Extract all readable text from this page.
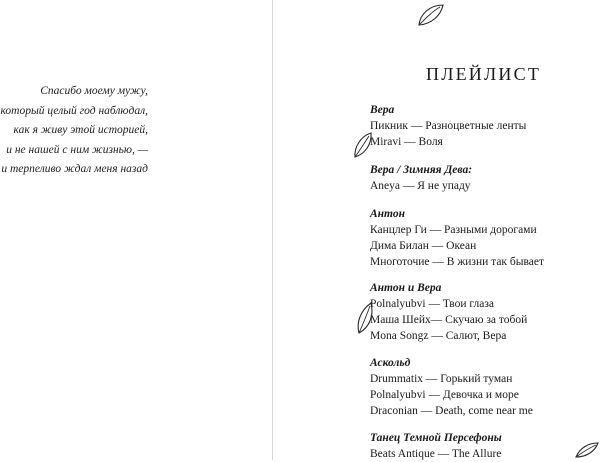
Спасибо моему мужу,
который целый год наблюдал,
как я живу этой историей,
и не нашей с ним жизнью, —
и терпеливо ждал меня назад
ПЛЕЙЛИСТ
Вера
Пикник — Разноцветные ленты
Miravi — Воля
Вера / Зимняя Дева:
Aneya — Я не упаду
Антон
Канцлер Ги — Разными дорогами
Дима Билан — Океан
Многоточие — В жизни так бывает
Антон и Вера
Polnalyubvi — Твои глаза
Маша Шейх— Скучаю за тобой
Mona Songz — Салют, Вера
Аскольд
Drummatix — Горький туман
Polnalyubvi — Девочка и море
Draconian — Death, come near me
Танец Темной Персефоны
Beats Antique — The Allure
